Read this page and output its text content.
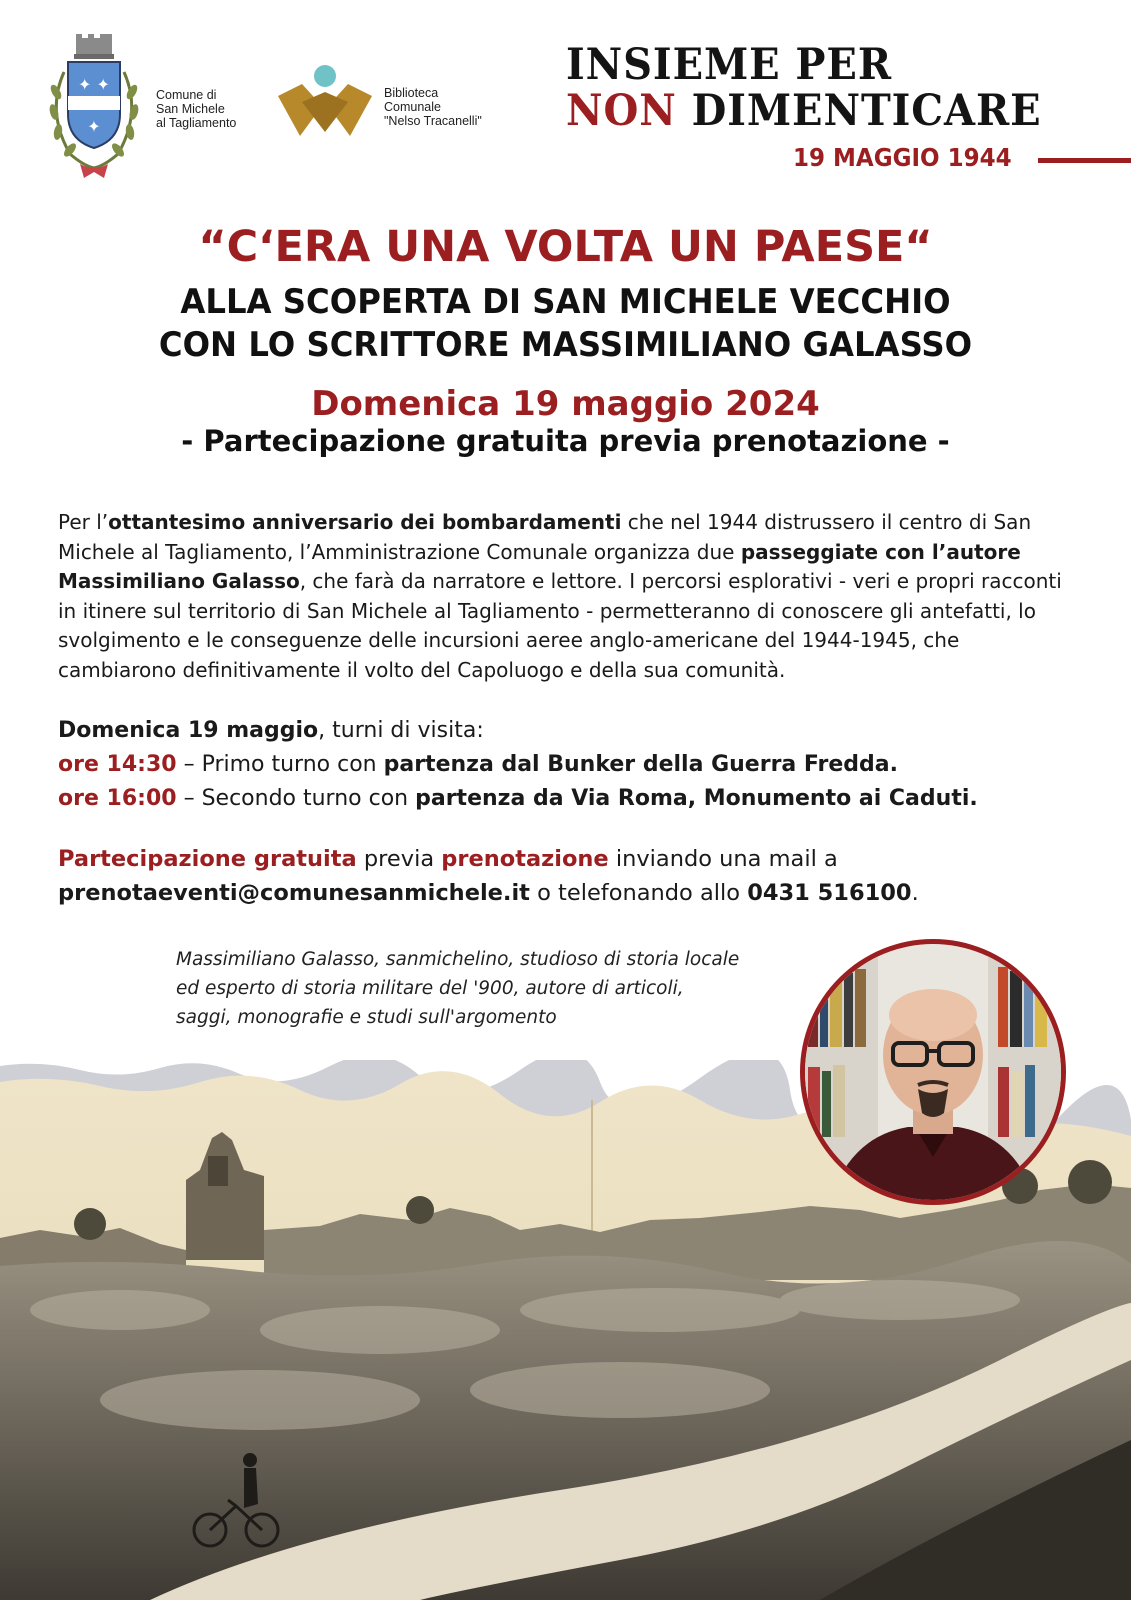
✦ ✦
✦
Comune di
San Michele
al Tagliamento
Biblioteca
Comunale
"Nelso Tracanelli"
INSIEME PER
NON DIMENTICARE
19 MAGGIO 1944
“C‘ERA UNA VOLTA UN PAESE“
ALLA SCOPERTA DI SAN MICHELE VECCHIO
CON LO SCRITTORE MASSIMILIANO GALASSO
Domenica 19 maggio 2024
- Partecipazione gratuita previa prenotazione -
Per l’ottantesimo anniversario dei bombardamenti che nel 1944 distrussero il centro di San Michele al Tagliamento, l’Amministrazione Comunale organizza due passeggiate con l’autore Massimiliano Galasso, che farà da narratore e lettore. I percorsi esplorativi - veri e propri racconti in itinere sul territorio di San Michele al Tagliamento - permetteranno di conoscere gli antefatti, lo svolgimento e le conseguenze delle incursioni aeree anglo-americane del 1944-1945, che cambiarono definitivamente il volto del Capoluogo e della sua comunità.
Domenica 19 maggio, turni di visita:
ore 14:30 – Primo turno con partenza dal Bunker della Guerra Fredda.
ore 16:00 – Secondo turno con partenza da Via Roma, Monumento ai Caduti.
Partecipazione gratuita previa prenotazione inviando una mail a
prenotaeventi@comunesanmichele.it o telefonando allo 0431 516100.
Massimiliano Galasso, sanmichelino, studioso di storia locale
ed esperto di storia militare del '900, autore di articoli,
saggi, monografie e studi sull'argomento
